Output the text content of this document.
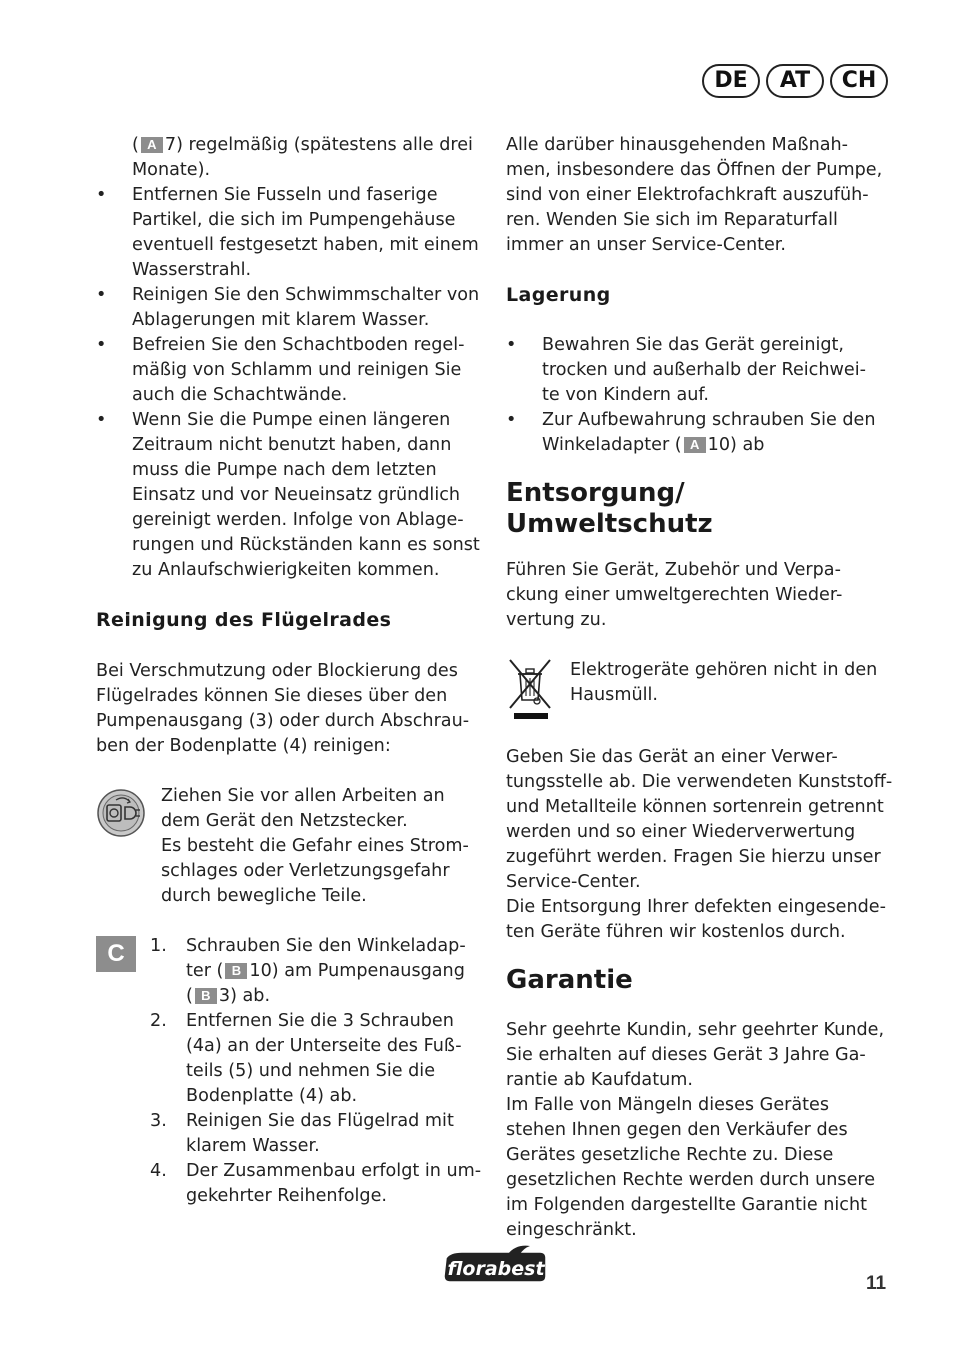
DE	AT	CH

( A 7) regelmäßig (spätestens alle drei

Monate).

• Entfernen Sie Fusseln und faserige
Partikel, die sich im Pumpengehäuse
eventuell festgesetzt haben, mit einem
Wasserstrahl.
• Reinigen Sie den Schwimmschalter von
Ablagerungen mit klarem Wasser.
• Befreien Sie den Schachtboden regel-
mäßig von Schlamm und reinigen Sie
auch die Schachtwände.
• Wenn Sie die Pumpe einen längeren
Zeitraum nicht benutzt haben, dann
muss die Pumpe nach dem letzten
Einsatz und vor Neueinsatz gründlich
gereinigt werden. Infolge von Ablage-
rungen und Rückständen kann es sonst
zu Anlaufschwierigkeiten kommen.

Reinigung des Flügelrades

Bei Verschmutzung oder Blockierung des
Flügelrades können Sie dieses über den
Pumpenausgang (3) oder durch Abschrau-
ben der Bodenplatte (4) reinigen:
Ziehen Sie vor allen Arbeiten an
dem Gerät den Netzstecker.
Es besteht die Gefahr eines Strom-
schlages oder Verletzungsgefahr
durch bewegliche Teile.
C	1. Schrauben Sie den Winkeladap-
ter ( B 10) am Pumpenausgang
( B 3) ab.
2. Entfernen Sie die 3 Schrauben
(4a) an der Unterseite des Fuß-
teils (5) und nehmen Sie die
Bodenplatte (4) ab.
3. Reinigen Sie das Flügelrad mit
klarem Wasser.
4. Der Zusammenbau erfolgt in um-
gekehrter Reihenfolge.
Alle darüber hinausgehenden Maßnah-
men, insbesondere das Öffnen der Pumpe,
sind von einer Elektrofachkraft auszufüh-
ren. Wenden Sie sich im Reparaturfall
immer an unser Service-Center.

Lagerung

• Bewahren Sie das Gerät gereinigt,
trocken und außerhalb der Reichwei-
te von Kindern auf.
• Zur Aufbewahrung schrauben Sie den
Winkeladapter ( A 10) ab
Entsorgung/
Umweltschutz
Führen Sie Gerät, Zubehör und Verpa-
ckung einer umweltgerechten Wieder-
vertung zu.
Elektrogeräte gehören nicht in den
Hausmüll.
Geben Sie das Gerät an einer Verwer-
tungsstelle ab. Die verwendeten Kunststoff-
und Metallteile können sortenrein getrennt
werden und so einer Wiederverwertung
zugeführt werden. Fragen Sie hierzu unser
Service-Center.
Die Entsorgung Ihrer defekten eingesende-
ten Geräte führen wir kostenlos durch.
Garantie
Sehr geehrte Kundin, sehr geehrter Kunde,
Sie erhalten auf dieses Gerät 3 Jahre Ga-
rantie ab Kaufdatum.
Im Falle von Mängeln dieses Gerätes
stehen Ihnen gegen den Verkäufer des
Gerätes gesetzliche Rechte zu. Diese
gesetzlichen Rechte werden durch unsere
im Folgenden dargestellte Garantie nicht
eingeschränkt.
florabest
11
